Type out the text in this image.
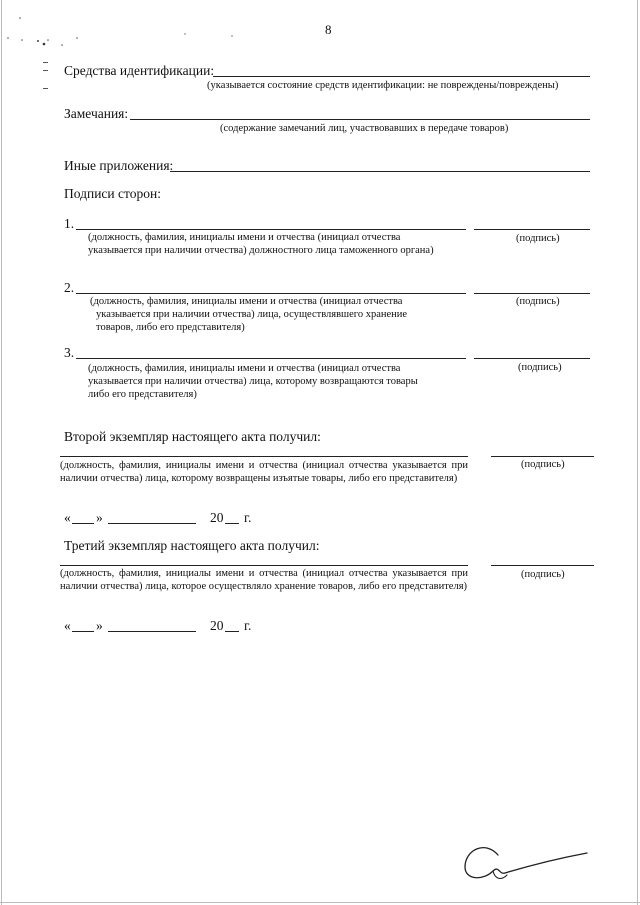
8
Средства идентификации:
(указывается состояние средств идентификации: не повреждены/повреждены)
Замечания:
(содержание замечаний лиц, участвовавших в передаче товаров)
Иные приложения:
Подписи сторон:
1.
(должность, фамилия, инициалы имени и отчества (инициал отчества
указывается при наличии отчества) должностного лица таможенного органа)
(подпись)
2.
(должность, фамилия, инициалы имени и отчества (инициал отчества
указывается при наличии отчества) лица, осуществлявшего хранение
товаров, либо его представителя)
(подпись)
3.
(должность, фамилия, инициалы имени и отчества (инициал отчества
указывается при наличии отчества) лица, которому возвращаются товары
либо его представителя)
(подпись)
Второй экземпляр настоящего акта получил:
(должность, фамилия, инициалы имени и отчества (инициал отчества указывается при наличии отчества) лица, которому возвращены изъятые товары, либо его представителя)
(подпись)
« »	20 г.
Третий экземпляр настоящего акта получил:
(должность, фамилия, инициалы имени и отчества (инициал отчества указывается при наличии отчества) лица, которое осуществляло хранение товаров, либо его представителя)
(подпись)
« »	20 г.
